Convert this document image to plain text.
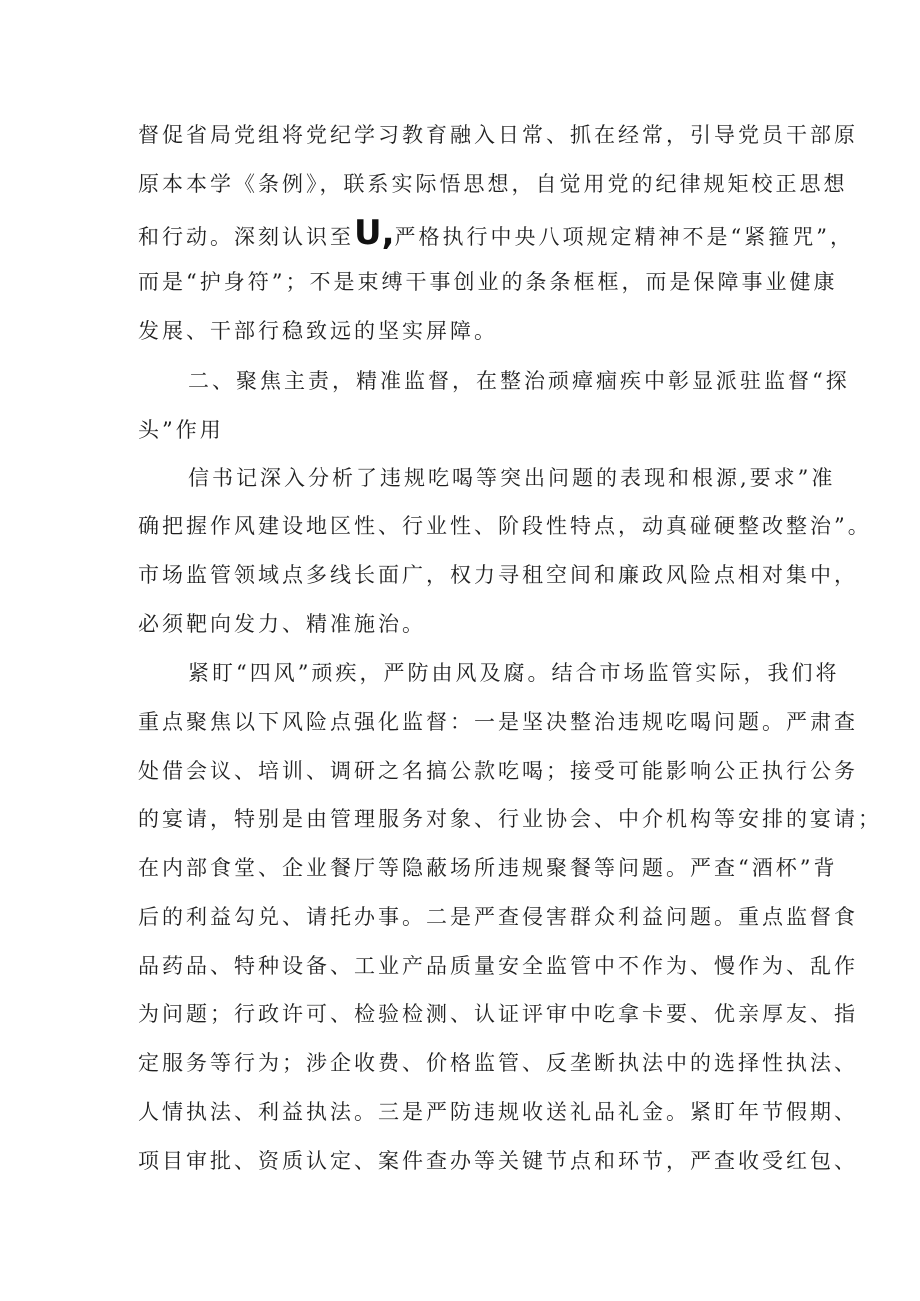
督促省局党组将党纪学习教育融入日常、抓在经常，引导党员干部原
原本本学《条例》，联系实际悟思想，自觉用党的纪律规矩校正思想
和行动。深刻认识至U,严格执行中央八项规定精神不是“紧箍咒”，
而是“护身符”；不是束缚干事创业的条条框框，而是保障事业健康
发展、干部行稳致远的坚实屏障。
二、聚焦主责，精准监督，在整治顽瘴痼疾中彰显派驻监督“探
头”作用
信书记深入分析了违规吃喝等突出问题的表现和根源,要求”准
确把握作风建设地区性、行业性、阶段性特点，动真碰硬整改整治”。
市场监管领域点多线长面广，权力寻租空间和廉政风险点相对集中，
必须靶向发力、精准施治。
紧盯“四风”顽疾，严防由风及腐。结合市场监管实际，我们将
重点聚焦以下风险点强化监督：一是坚决整治违规吃喝问题。严肃查
处借会议、培训、调研之名搞公款吃喝；接受可能影响公正执行公务
的宴请，特别是由管理服务对象、行业协会、中介机构等安排的宴请；
在内部食堂、企业餐厅等隐蔽场所违规聚餐等问题。严查“酒杯”背
后的利益勾兑、请托办事。二是严查侵害群众利益问题。重点监督食
品药品、特种设备、工业产品质量安全监管中不作为、慢作为、乱作
为问题；行政许可、检验检测、认证评审中吃拿卡要、优亲厚友、指
定服务等行为；涉企收费、价格监管、反垄断执法中的选择性执法、
人情执法、利益执法。三是严防违规收送礼品礼金。紧盯年节假期、
项目审批、资质认定、案件查办等关键节点和环节，严查收受红包、
